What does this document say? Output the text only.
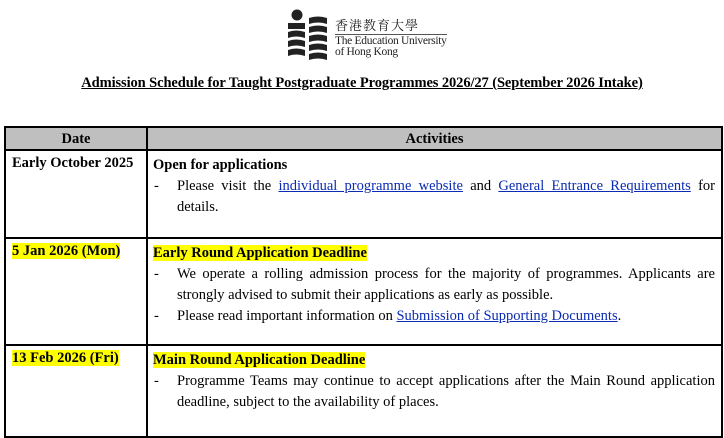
香港教育大學
The Education University
of Hong Kong
Admission Schedule for Taught Postgraduate Programmes 2026/27 (September 2026 Intake)
Date	Activities
Early October 2025	Open for applications
- Please visit the individual programme website and General Entrance Requirements for details.

5 Jan 2026 (Mon)	Early Round Application Deadline
- We operate a rolling admission process for the majority of programmes. Applicants are strongly advised to submit their applications as early as possible.
- Please read important information on Submission of Supporting Documents.

13 Feb 2026 (Fri)	Main Round Application Deadline
- Programme Teams may continue to accept applications after the Main Round application deadline, subject to the availability of places.
